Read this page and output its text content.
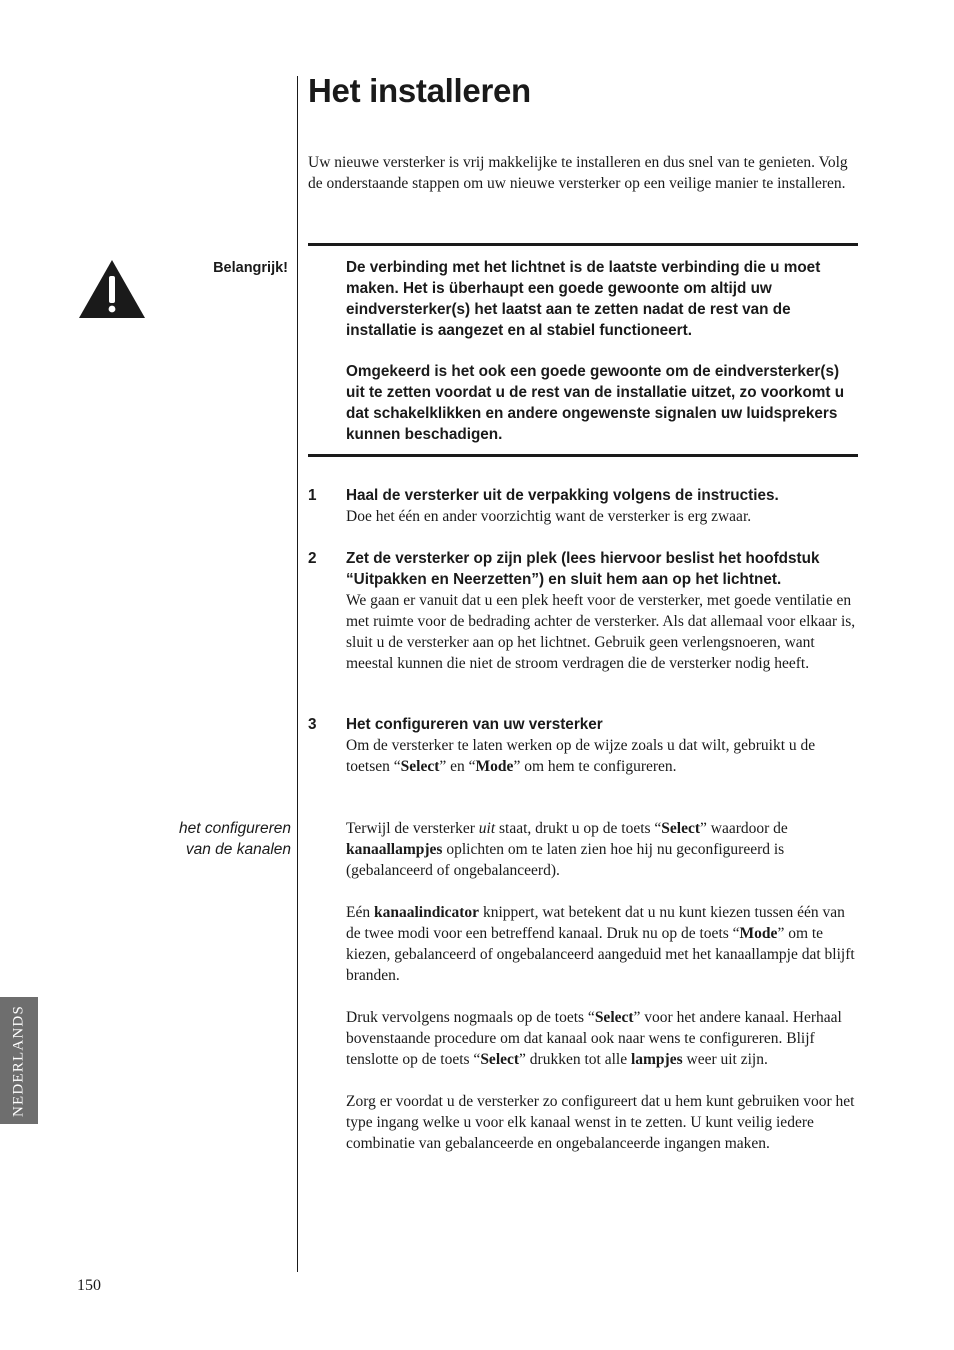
Het installeren

Uw nieuwe versterker is vrij makkelijke te installeren en dus snel van te genieten. Volg de onderstaande stappen om uw nieuwe versterker op een veilige manier te installeren.

Belangrijk!	De verbinding met het lichtnet is de laatste verbinding die u moet maken. Het is überhaupt een goede gewoonte om altijd uw eindversterker(s) het laatst aan te zetten nadat de rest van de installatie is aangezet en al stabiel functioneert.

Omgekeerd is het ook een goede gewoonte om de eindversterker(s) uit te zetten voordat u de rest van de installatie uitzet, zo voorkomt u dat schakelklikken en andere ongewenste signalen uw luidsprekers kunnen beschadigen.

1	Haal de versterker uit de verpakking volgens de instructies.

Doe het één en ander voorzichtig want de versterker is erg zwaar.

2	Zet de versterker op zijn plek (lees hiervoor beslist het hoofdstuk “Uitpakken en Neerzetten”) en sluit hem aan op het lichtnet.

We gaan er vanuit dat u een plek heeft voor de versterker, met goede ventilatie en met ruimte voor de bedrading achter de versterker. Als dat allemaal voor elkaar is, sluit u de versterker aan op het lichtnet. Gebruik geen verlengsnoeren, want meestal kunnen die niet de stroom verdragen die de versterker nodig heeft.

3	Het configureren van uw versterker

Om de versterker te laten werken op de wijze zoals u dat wilt, gebruikt u de toetsen “Select” en “Mode” om hem te configureren.

het configureren
van de kanalen

Terwijl de versterker uit staat, drukt u op de toets “Select” waardoor de kanaallampjes oplichten om te laten zien hoe hij nu geconfigureerd is (gebalanceerd of ongebalanceerd).

Eén kanaalindicator knippert, wat betekent dat u nu kunt kiezen tussen één van de twee modi voor een betreffend kanaal. Druk nu op de toets “Mode” om te kiezen, gebalanceerd of ongebalanceerd aangeduid met het kanaallampje dat blijft branden.

Druk vervolgens nogmaals op de toets “Select” voor het andere kanaal. Herhaal bovenstaande procedure om dat kanaal ook naar wens te configureren. Blijf tenslotte op de toets “Select” drukken tot alle lampjes weer uit zijn.

Zorg er voordat u de versterker zo configureert dat u hem kunt gebruiken voor het type ingang welke u voor elk kanaal wenst in te zetten. U kunt veilig iedere combinatie van gebalanceerde en ongebalanceerde ingangen maken.

NEDERLANDS

150
